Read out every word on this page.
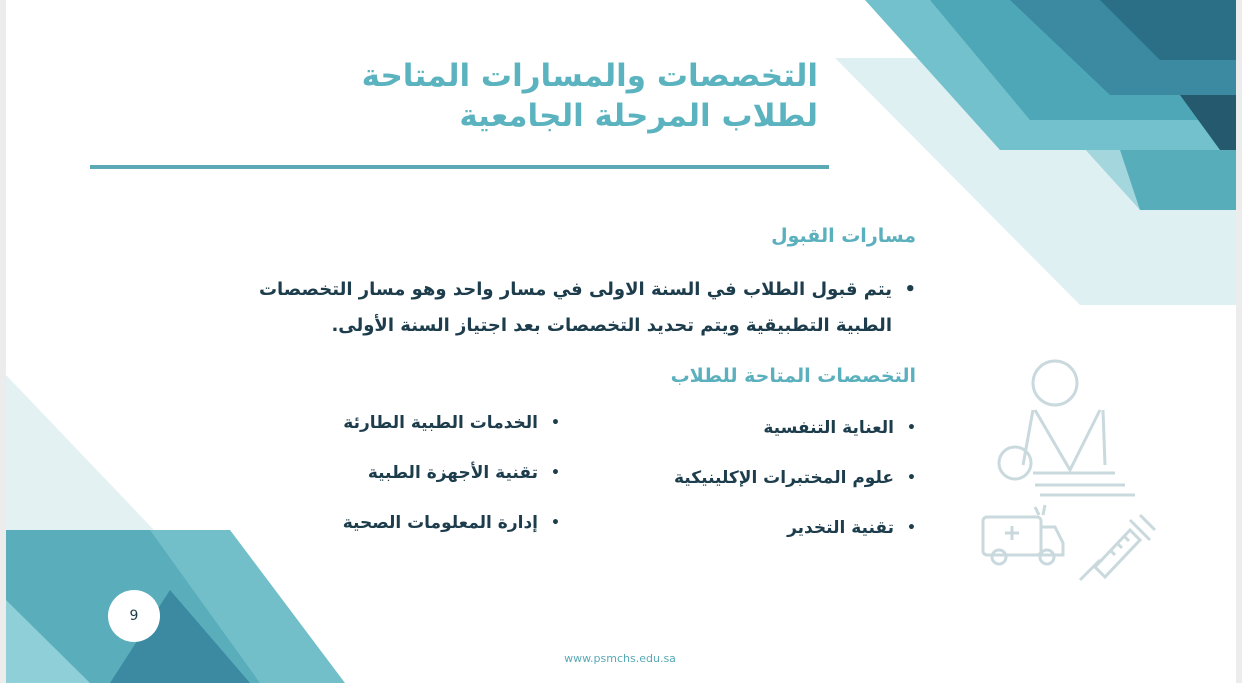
التخصصات والمسارات المتاحة
لطلاب المرحلة الجامعية
مسارات القبول

•
يتم قبول الطلاب في السنة الاولى في مسار واحد وهو مسار التخصصات الطبية التطبيقية ويتم تحديد التخصصات بعد اجتياز السنة الأولى.

التخصصات المتاحة للطلاب
•
العناية التنفسية
•
علوم المختبرات الإكلينيكية
•
تقنية التخدير
•
الخدمات الطبية الطارئة
•
تقنية الأجهزة الطبية
•
إدارة المعلومات الصحية
9
www.psmchs.edu.sa
